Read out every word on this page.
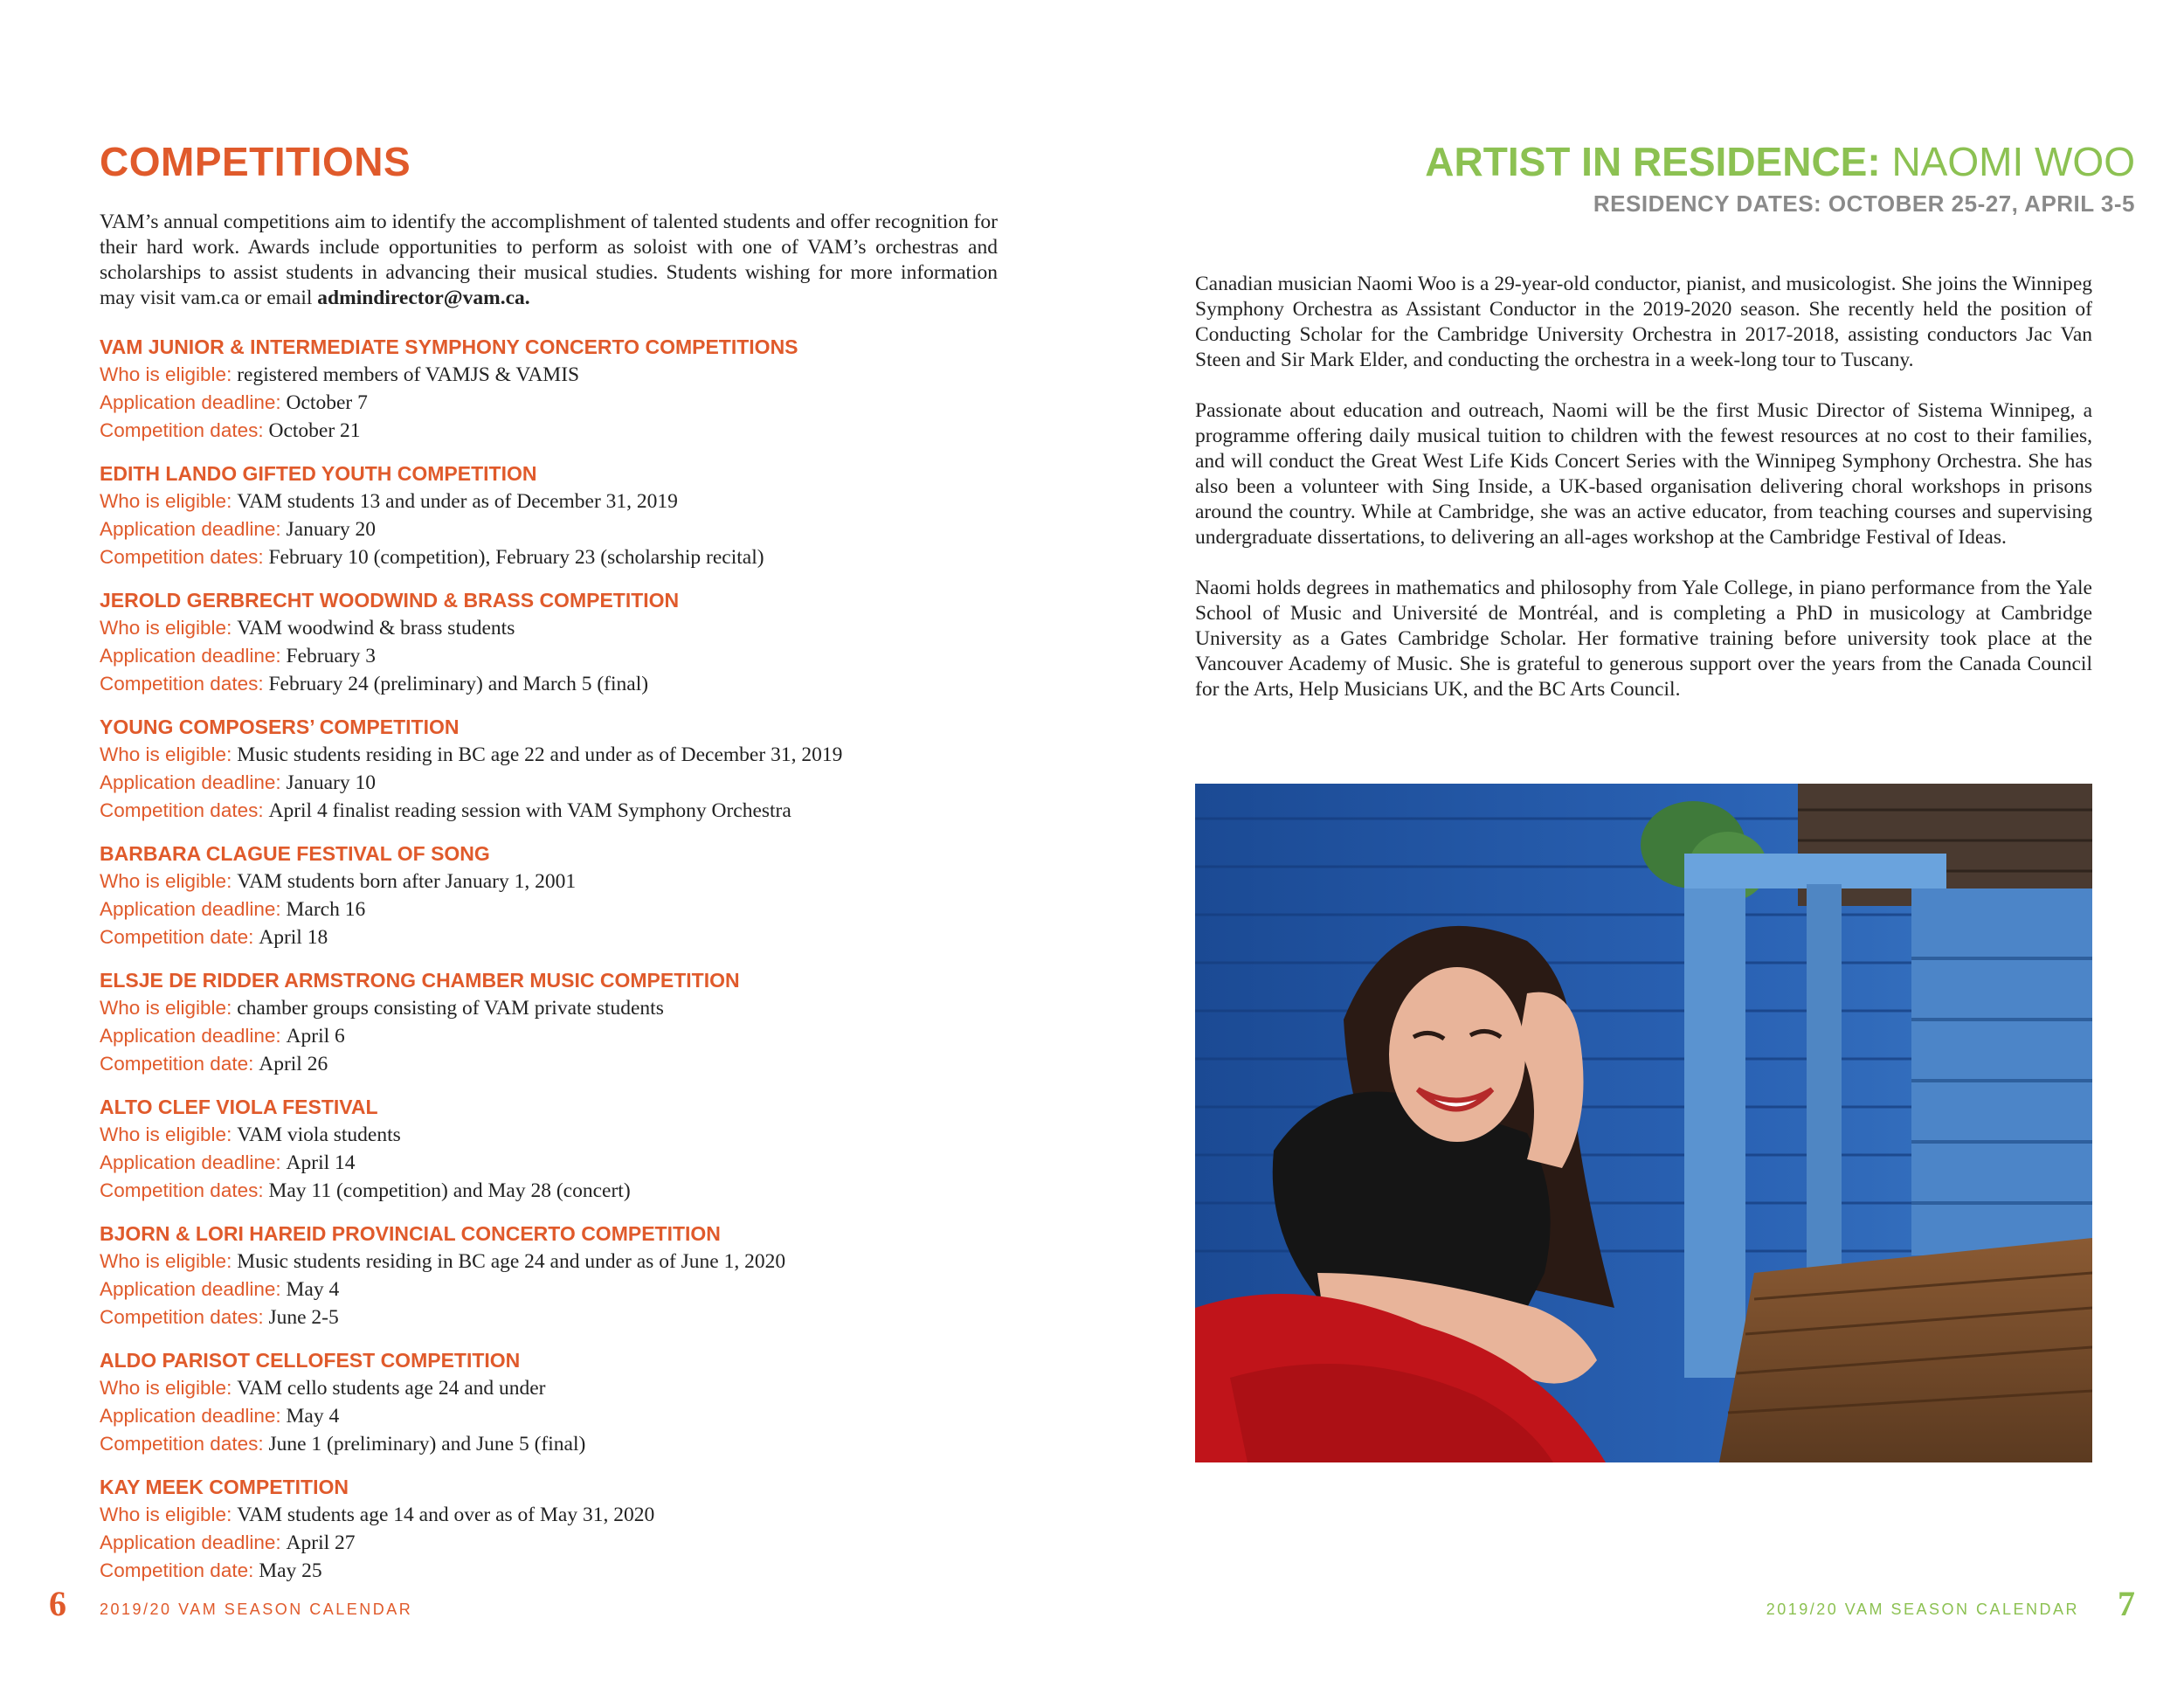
COMPETITIONS

VAM’s annual competitions aim to identify the accomplishment of talented students and offer recognition for their hard work. Awards include opportunities to perform as soloist with one of VAM’s orchestras and scholarships to assist students in advancing their musical studies. Students wishing for more information may visit vam.ca or email admindirector@vam.ca.

VAM JUNIOR & INTERMEDIATE SYMPHONY CONCERTO COMPETITIONS
Who is eligible: registered members of VAMJS & VAMIS
Application deadline: October 7
Competition dates: October 21
EDITH LANDO GIFTED YOUTH COMPETITION
Who is eligible: VAM students 13 and under as of December 31, 2019
Application deadline: January 20
Competition dates: February 10 (competition), February 23 (scholarship recital)
JEROLD GERBRECHT WOODWIND & BRASS COMPETITION
Who is eligible: VAM woodwind & brass students
Application deadline: February 3
Competition dates: February 24 (preliminary) and March 5 (final)
YOUNG COMPOSERS’ COMPETITION
Who is eligible: Music students residing in BC age 22 and under as of December 31, 2019
Application deadline: January 10
Competition dates: April 4 finalist reading session with VAM Symphony Orchestra
BARBARA CLAGUE FESTIVAL OF SONG
Who is eligible: VAM students born after January 1, 2001
Application deadline: March 16
Competition date: April 18
ELSJE DE RIDDER ARMSTRONG CHAMBER MUSIC COMPETITION
Who is eligible: chamber groups consisting of VAM private students
Application deadline: April 6
Competition date: April 26
ALTO CLEF VIOLA FESTIVAL
Who is eligible: VAM viola students
Application deadline: April 14
Competition dates: May 11 (competition) and May 28 (concert)
BJORN & LORI HAREID PROVINCIAL CONCERTO COMPETITION
Who is eligible: Music students residing in BC age 24 and under as of June 1, 2020
Application deadline: May 4
Competition dates: June 2-5
ALDO PARISOT CELLOFEST COMPETITION
Who is eligible: VAM cello students age 24 and under
Application deadline: May 4
Competition dates: June 1 (preliminary) and June 5 (final)
KAY MEEK COMPETITION
Who is eligible: VAM students age 14 and over as of May 31, 2020
Application deadline: April 27
Competition date: May 25
6 2019/20 VAM SEASON CALENDAR
ARTIST IN RESIDENCE: NAOMI WOO
RESIDENCY DATES: OCTOBER 25-27, APRIL 3-5

Canadian musician Naomi Woo is a 29-year-old conductor, pianist, and musicologist. She joins the Winnipeg Symphony Orchestra as Assistant Conductor in the 2019-2020 season. She recently held the position of Conducting Scholar for the Cambridge University Orchestra in 2017-2018, assisting conductors Jac Van Steen and Sir Mark Elder, and conducting the orchestra in a week-long tour to Tuscany.

Passionate about education and outreach, Naomi will be the first Music Director of Sistema Winnipeg, a programme offering daily musical tuition to children with the fewest resources at no cost to their families, and will conduct the Great West Life Kids Concert Series with the Winnipeg Symphony Orchestra. She has also been a volunteer with Sing Inside, a UK-based organisation delivering choral workshops in prisons around the country. While at Cambridge, she was an active educator, from teaching courses and supervising undergraduate dissertations, to delivering an all-ages workshop at the Cambridge Festival of Ideas.

Naomi holds degrees in mathematics and philosophy from Yale College, in piano performance from the Yale School of Music and Université de Montréal, and is completing a PhD in musicology at Cambridge University as a Gates Cambridge Scholar. Her formative training before university took place at the Vancouver Academy of Music. She is grateful to generous support over the years from the Canada Council for the Arts, Help Musicians UK, and the BC Arts Council.

2019/20 VAM SEASON CALENDAR 7
